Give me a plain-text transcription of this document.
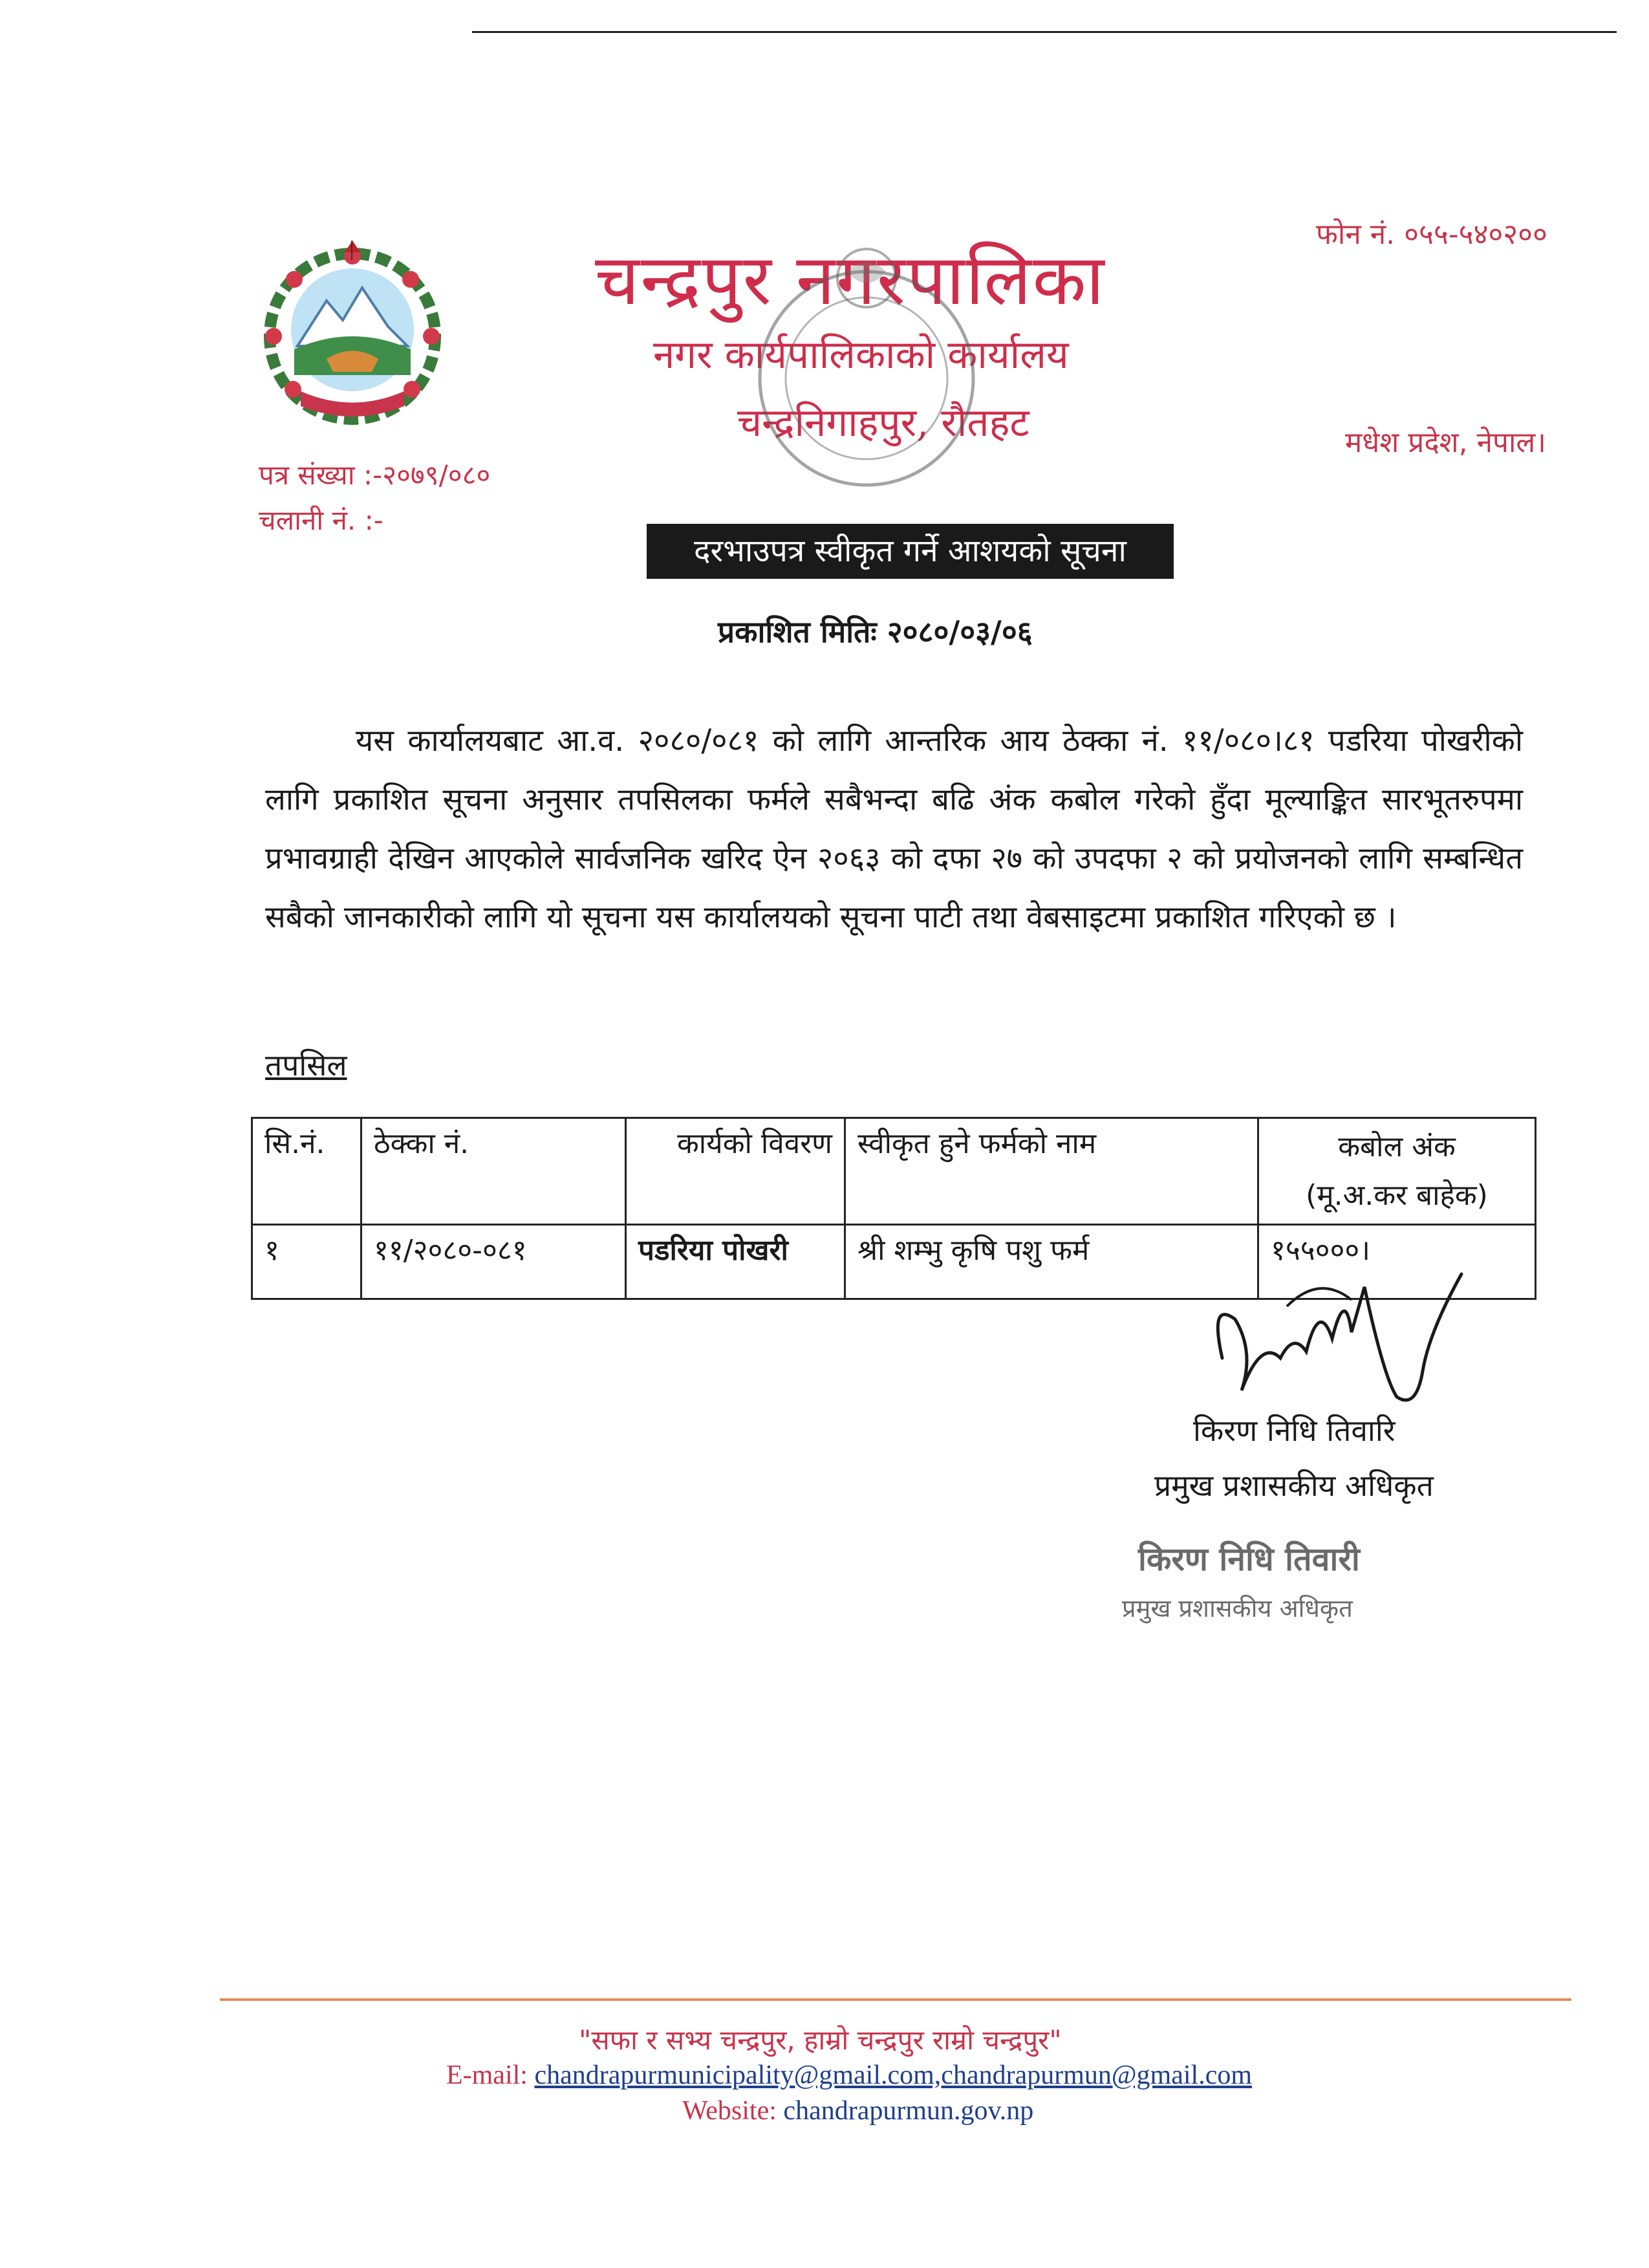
चन्द्रपुर नगरपालिका
नगर कार्यपालिकाको कार्यालय
चन्द्रनिगाहपुर, रौतहट
फोन नं. ०५५-५४०२००
मधेश प्रदेश, नेपाल।
पत्र संख्या :-२०७९/०८०
चलानी नं. :-
दरभाउपत्र स्वीकृत गर्ने आशयको सूचना
प्रकाशित मितिः २०८०/०३/०६
यस कार्यालयबाट आ.व. २०८०/०८१ को लागि आन्तरिक आय ठेक्का नं. ११/०८०।८१ पडरिया पोखरीको लागि प्रकाशित सूचना अनुसार तपसिलका फर्मले सबैभन्दा बढि अंक कबोल गरेको हुँदा मूल्याङ्कित सारभूतरुपमा प्रभावग्राही देखिन आएकोले सार्वजनिक खरिद ऐन २०६३ को दफा २७ को उपदफा २ को प्रयोजनको लागि सम्बन्धित सबैको जानकारीको लागि यो सूचना यस कार्यालयको सूचना पाटी तथा वेबसाइटमा प्रकाशित गरिएको छ ।
तपसिल
सि.नं.	ठेक्का नं.	कार्यको विवरण	स्वीकृत हुने फर्मको नाम	कबोल अंक
(मू.अ.कर बाहेक)
१	११/२०८०-०८१	पडरिया पोखरी	श्री शम्भु कृषि पशु फर्म	१५५०००।
किरण निधि तिवारि
प्रमुख प्रशासकीय अधिकृत
किरण निधि तिवारी
प्रमुख प्रशासकीय अधिकृत
"सफा र सभ्य चन्द्रपुर, हाम्रो चन्द्रपुर राम्रो चन्द्रपुर"
E-mail: chandrapurmunicipality@gmail.com,chandrapurmun@gmail.com
Website: chandrapurmun.gov.np
